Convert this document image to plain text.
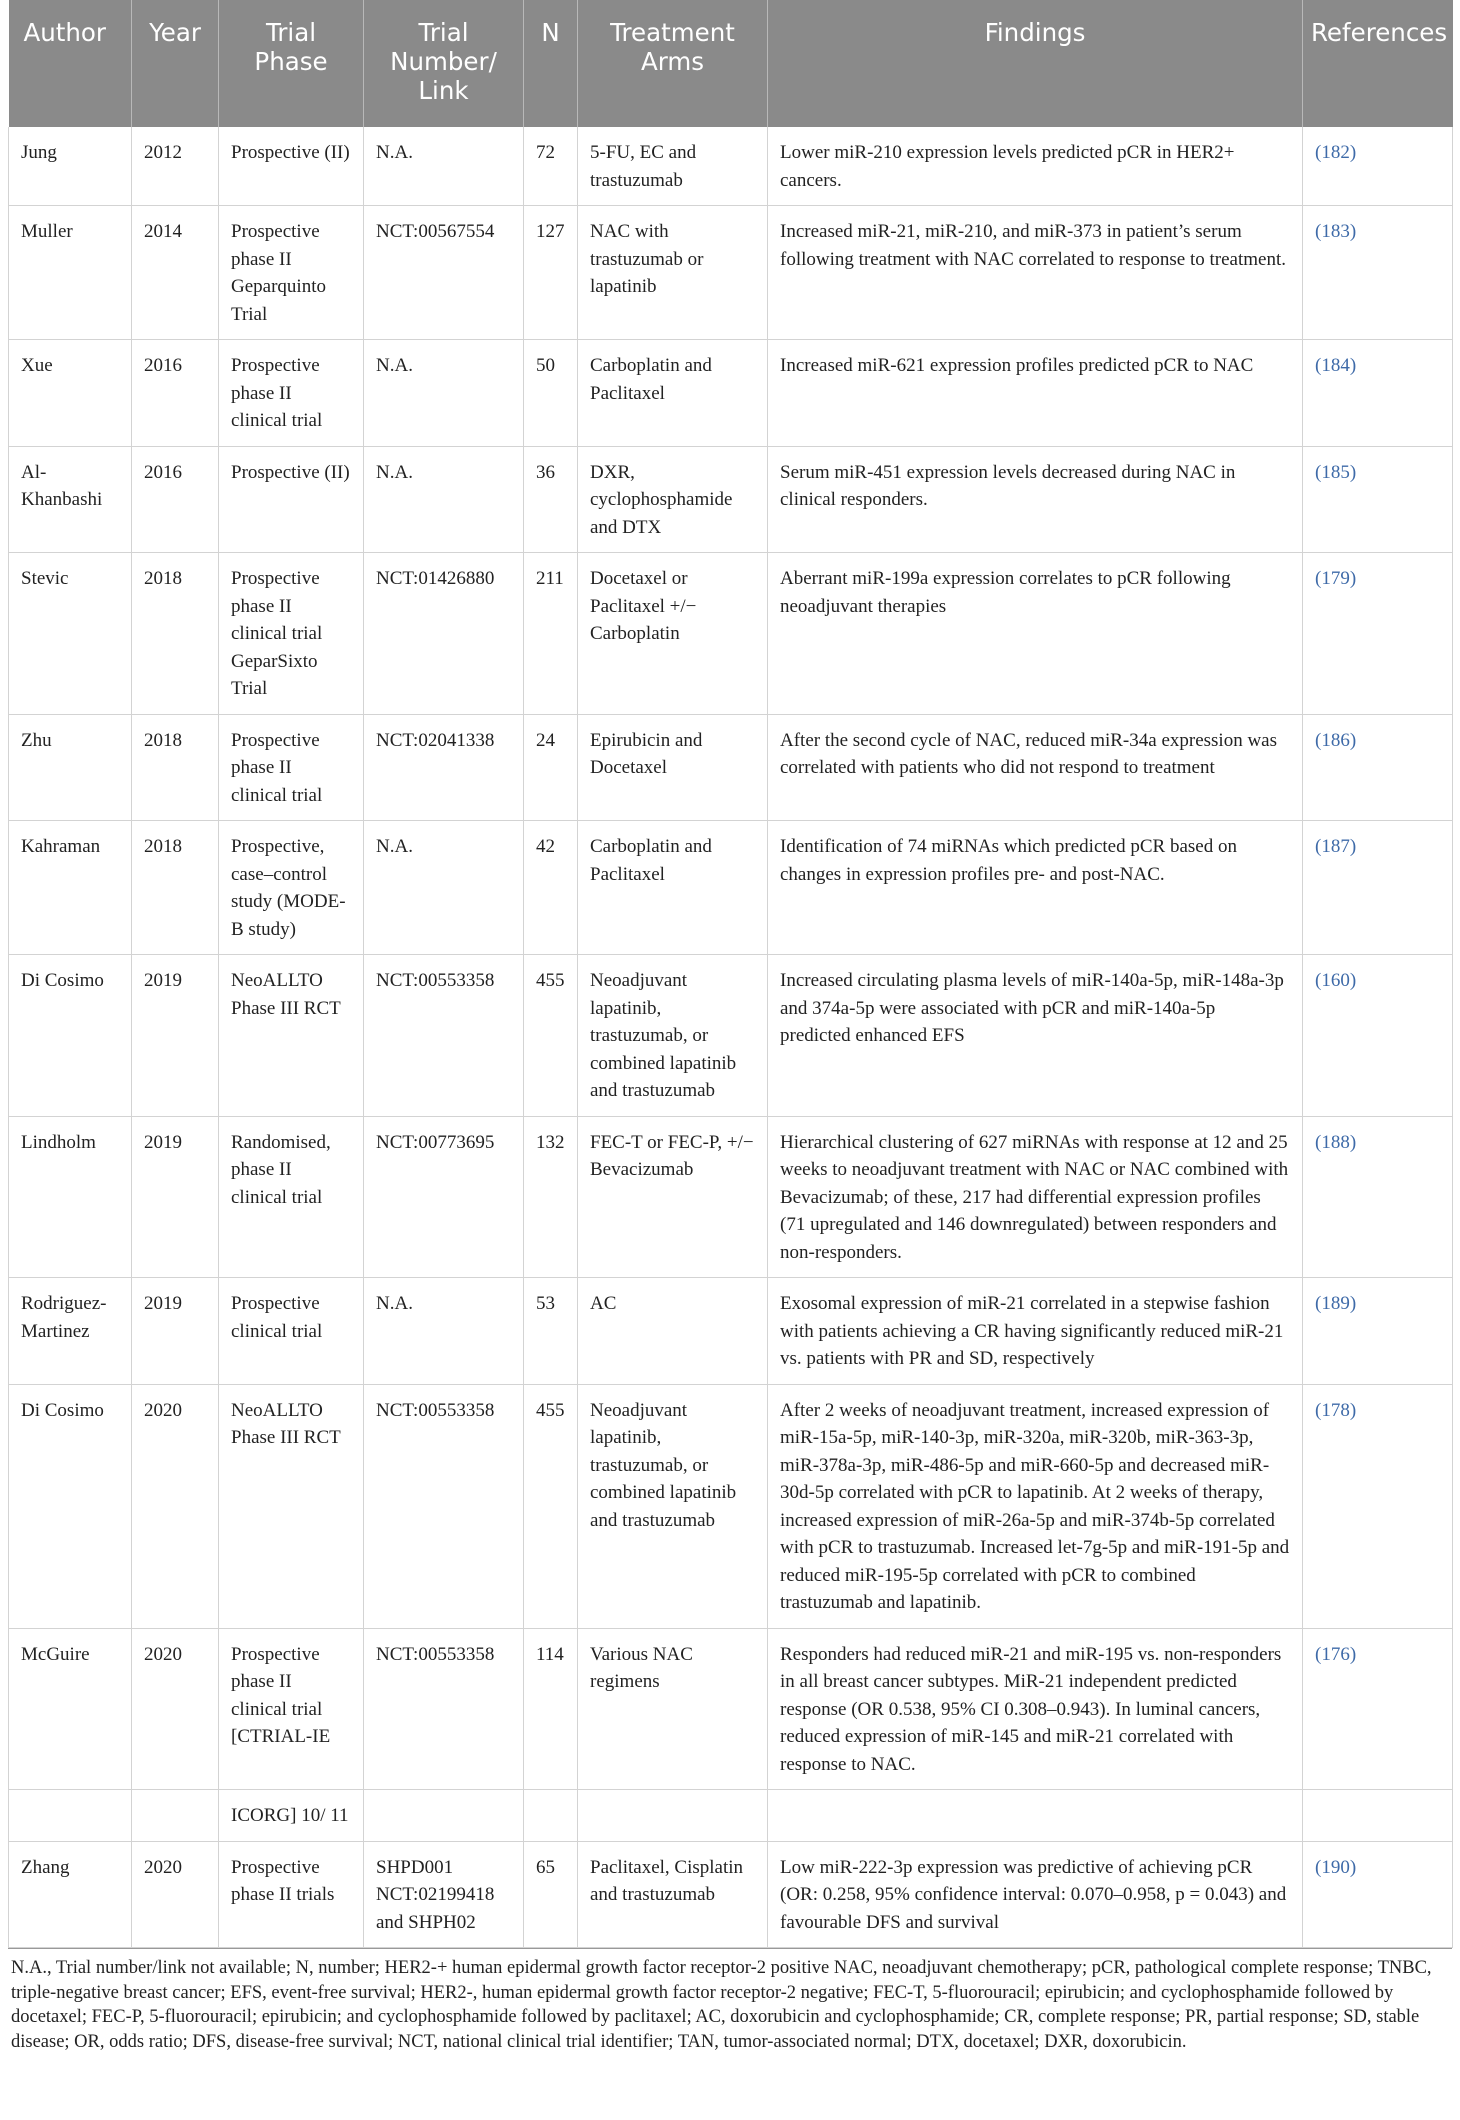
Author	Year	Trial Phase	Trial Number/ Link	N	Treatment Arms	Findings	References
Jung	2012	Prospective (II)	N.A.	72	5-FU, EC and trastuzumab	Lower miR-210 expression levels predicted pCR in HER2+ cancers.	(182)
Muller	2014	Prospective phase II Geparquinto Trial	NCT:00567554	127	NAC with trastuzumab or lapatinib	Increased miR-21, miR-210, and miR-373 in patient’s serum following treatment with NAC correlated to response to treatment.	(183)
Xue	2016	Prospective phase II clinical trial	N.A.	50	Carboplatin and Paclitaxel	Increased miR-621 expression profiles predicted pCR to NAC	(184)
Al-Khanbashi	2016	Prospective (II)	N.A.	36	DXR, cyclophosphamide and DTX	Serum miR-451 expression levels decreased during NAC in clinical responders.	(185)
Stevic	2018	Prospective phase II clinical trial GeparSixto Trial	NCT:01426880	211	Docetaxel or Paclitaxel +/− Carboplatin	Aberrant miR-199a expression correlates to pCR following neoadjuvant therapies	(179)
Zhu	2018	Prospective phase II clinical trial	NCT:02041338	24	Epirubicin and Docetaxel	After the second cycle of NAC, reduced miR-34a expression was correlated with patients who did not respond to treatment	(186)
Kahraman	2018	Prospective, case–control study (MODE-B study)	N.A.	42	Carboplatin and Paclitaxel	Identification of 74 miRNAs which predicted pCR based on changes in expression profiles pre- and post-NAC.	(187)
Di Cosimo	2019	NeoALLTO Phase III RCT	NCT:00553358	455	Neoadjuvant lapatinib, trastuzumab, or combined lapatinib and trastuzumab	Increased circulating plasma levels of miR-140a-5p, miR-148a-3p and 374a-5p were associated with pCR and miR-140a-5p predicted enhanced EFS	(160)
Lindholm	2019	Randomised, phase II clinical trial	NCT:00773695	132	FEC-T or FEC-P, +/− Bevacizumab	Hierarchical clustering of 627 miRNAs with response at 12 and 25 weeks to neoadjuvant treatment with NAC or NAC combined with Bevacizumab; of these, 217 had differential expression profiles (71 upregulated and 146 downregulated) between responders and non-responders.	(188)
Rodriguez-Martinez	2019	Prospective clinical trial	N.A.	53	AC	Exosomal expression of miR-21 correlated in a stepwise fashion with patients achieving a CR having significantly reduced miR-21 vs. patients with PR and SD, respectively	(189)
Di Cosimo	2020	NeoALLTO Phase III RCT	NCT:00553358	455	Neoadjuvant lapatinib, trastuzumab, or combined lapatinib and trastuzumab	After 2 weeks of neoadjuvant treatment, increased expression of miR-15a-5p, miR-140-3p, miR-320a, miR-320b, miR-363-3p, miR-378a-3p, miR-486-5p and miR-660-5p and decreased miR-30d-5p correlated with pCR to lapatinib. At 2 weeks of therapy, increased expression of miR-26a-5p and miR-374b-5p correlated with pCR to trastuzumab. Increased let-7g-5p and miR-191-5p and reduced miR-195-5p correlated with pCR to combined trastuzumab and lapatinib.	(178)
McGuire	2020	Prospective phase II clinical trial [CTRIAL-IE	NCT:00553358	114	Various NAC regimens	Responders had reduced miR-21 and miR-195 vs. non-responders in all breast cancer subtypes. MiR-21 independent predicted response (OR 0.538, 95% CI 0.308–0.943). In luminal cancers, reduced expression of miR-145 and miR-21 correlated with response to NAC.	(176)
		ICORG] 10/ 11					
Zhang	2020	Prospective phase II trials	SHPD001 NCT:02199418 and SHPH02	65	Paclitaxel, Cisplatin and trastuzumab	Low miR-222-3p expression was predictive of achieving pCR (OR: 0.258, 95% confidence interval: 0.070–0.958, p = 0.043) and favourable DFS and survival	(190)
N.A., Trial number/link not available; N, number; HER2-+ human epidermal growth factor receptor-2 positive NAC, neoadjuvant chemotherapy; pCR, pathological complete response; TNBC, triple-negative breast cancer; EFS, event-free survival; HER2-, human epidermal growth factor receptor-2 negative; FEC-T, 5-fluorouracil; epirubicin; and cyclophosphamide followed by docetaxel; FEC-P, 5-fluorouracil; epirubicin; and cyclophosphamide followed by paclitaxel; AC, doxorubicin and cyclophosphamide; CR, complete response; PR, partial response; SD, stable disease; OR, odds ratio; DFS, disease-free survival; NCT, national clinical trial identifier; TAN, tumor-associated normal; DTX, docetaxel; DXR, doxorubicin.
